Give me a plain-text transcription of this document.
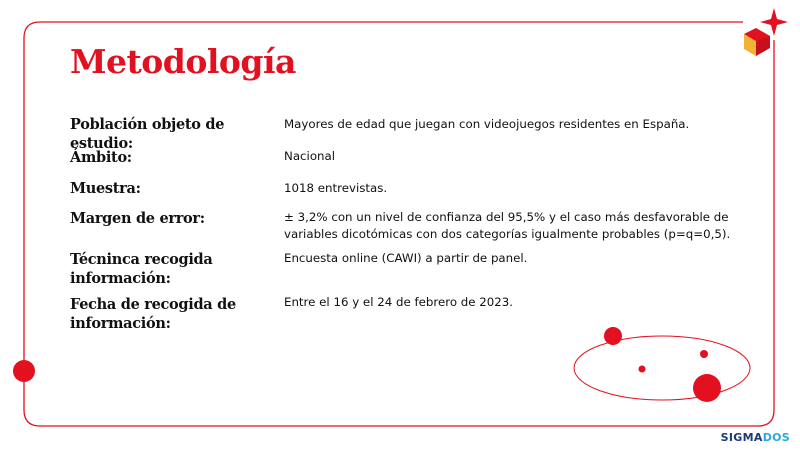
Metodología
Población objeto de estudio:
Mayores de edad que juegan con videojuegos residentes en España.
Ámbito:	Nacional
Muestra:	1018 entrevistas.
Margen de error:	± 3,2% con un nivel de confianza del 95,5% y el caso más desfavorable de variables dicotómicas con dos categorías igualmente probables (p=q=0,5).
Técninca recogida información:
Encuesta online (CAWI) a partir de panel.
Fecha de recogida de información:
Entre el 16 y el 24 de febrero de 2023.
SIGMADOS
